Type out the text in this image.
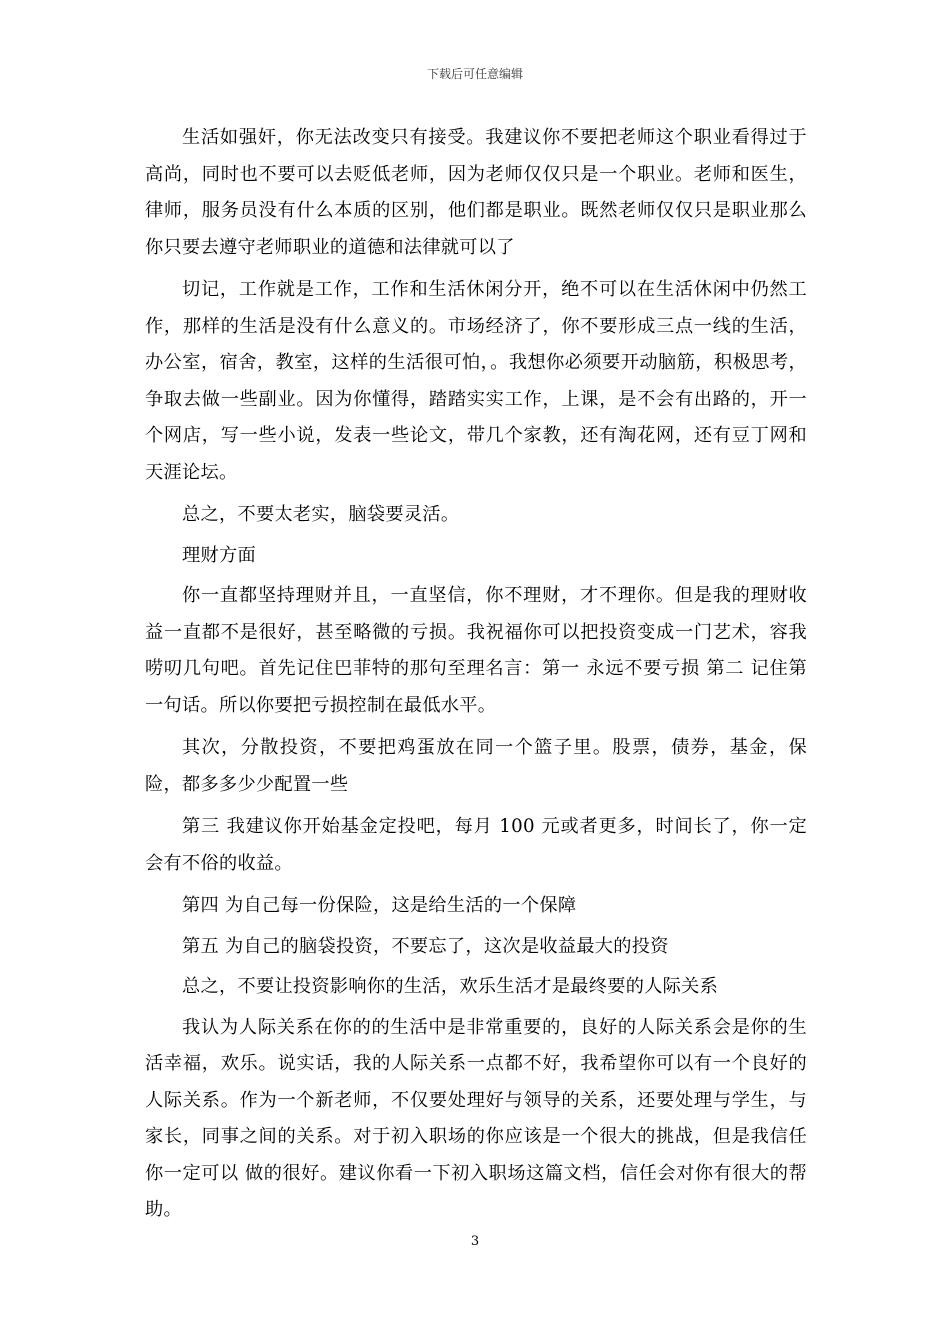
下载后可任意编辑

生活如强奸，你无法改变只有接受。我建议你不要把老师这个职业看得过于高尚，同时也不要可以去贬低老师，因为老师仅仅只是一个职业。老师和医生，律师，服务员没有什么本质的区别，他们都是职业。既然老师仅仅只是职业那么你只要去遵守老师职业的道德和法律就可以了

切记，工作就是工作，工作和生活休闲分开，绝不可以在生活休闲中仍然工作，那样的生活是没有什么意义的。市场经济了，你不要形成三点一线的生活，办公室，宿舍，教室，这样的生活很可怕，。我想你必须要开动脑筋，积极思考，争取去做一些副业。因为你懂得，踏踏实实工作，上课，是不会有出路的，开一个网店，写一些小说，发表一些论文，带几个家教，还有淘花网，还有豆丁网和天涯论坛。

总之，不要太老实，脑袋要灵活。

理财方面

你一直都坚持理财并且，一直坚信，你不理财，才不理你。但是我的理财收益一直都不是很好，甚至略微的亏损。我祝福你可以把投资变成一门艺术，容我唠叨几句吧。首先记住巴菲特的那句至理名言：第一 永远不要亏损 第二 记住第一句话。所以你要把亏损控制在最低水平。

其次，分散投资，不要把鸡蛋放在同一个篮子里。股票，债券，基金，保险，都多多少少配置一些

第三 我建议你开始基金定投吧，每月 100 元或者更多，时间长了，你一定会有不俗的收益。

第四 为自己每一份保险，这是给生活的一个保障

第五 为自己的脑袋投资，不要忘了，这次是收益最大的投资

总之，不要让投资影响你的生活，欢乐生活才是最终要的人际关系

我认为人际关系在你的的生活中是非常重要的，良好的人际关系会是你的生活幸福，欢乐。说实话，我的人际关系一点都不好，我希望你可以有一个良好的人际关系。作为一个新老师，不仅要处理好与领导的关系，还要处理与学生，与家长，同事之间的关系。对于初入职场的你应该是一个很大的挑战，但是我信任你一定可以 做的很好。建议你看一下初入职场这篇文档，信任会对你有很大的帮助。

3
